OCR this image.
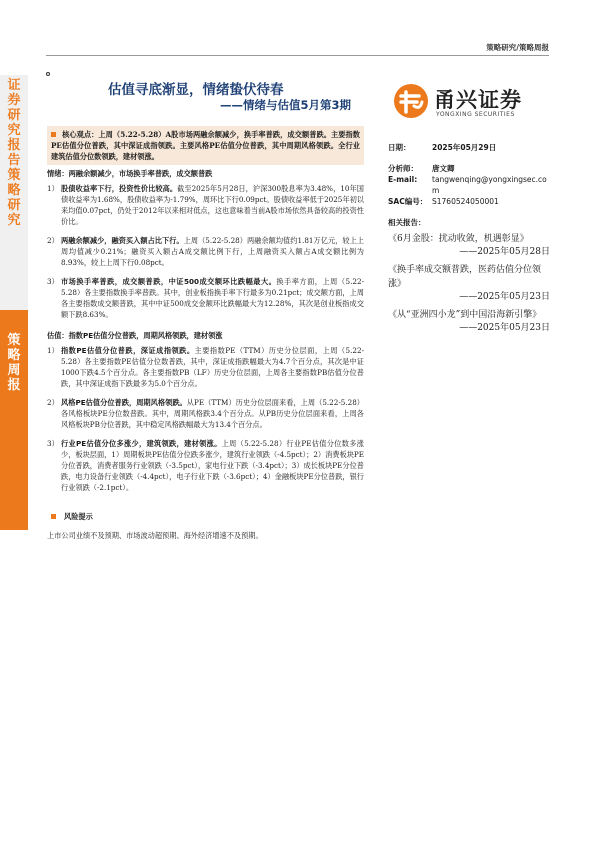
策略研究/策略周报
证券研究报告 策略研究
策略周报
估值寻底渐显，情绪蛰伏待春
——情绪与估值5月第3期	甬兴证券
YONGXING SECURITIES
核心观点：上周（5.22-5.28）A股市场两融余额减少，换手率普跌，成交额普跌。主要指数PE估值分位普跌，其中深证成指领跌。主要风格PE估值分位普跌，其中周期风格领跌。全行业建筑估值分位数领跌，建材领涨。
情绪：两融余额减少，市场换手率普跌，成交额普跌
1） 股债收益率下行，投资性价比较高。截至2025年5月28日，沪深300股息率为3.48%，10年国债收益率为1.68%，股债收益率为-1.79%，周环比下行0.09pct。股债收益率低于2025年初以来均值0.07pct，仍处于2012年以来相对低点，这也意味着当前A股市场依然具备较高的投资性价比。
2） 两融余额减少，融资买入额占比下行。上周（5.22-5.28）两融余额均值约1.81万亿元，较上上周均值减少0.21%；融资买入额占A成交额比例下行，上周融资买入额占A成交额比例为8.93%，较上上周下行0.08pct。
3） 市场换手率普跌，成交额普跌，中证500成交额环比跌幅最大。换手率方面，上周（5.22-5.28）各主要指数换手率普跌。其中，创业板指换手率下行最多为0.21pct；成交额方面，上周各主要指数成交额普跌，其中中证500成交金额环比跌幅最大为12.28%，其次是创业板指成交额下跌8.63%。
估值：指数PE估值分位普跌，周期风格领跌，建材领涨
1） 指数PE估值分位普跌，深证成指领跌。主要指数PE（TTM）历史分位层面，上周（5.22-5.28）各主要指数PE估值分位数普跌，其中，深证成指跌幅最大为4.7个百分点，其次是中证1000下跌4.5个百分点。各主要指数PB（LF）历史分位层面，上周各主要指数PB估值分位普跌，其中深证成指下跌最多为5.0个百分点。
2） 风格PE估值分位普跌，周期风格领跌。从PE（TTM）历史分位层面来看，上周（5.22-5.28）各风格板块PE分位数普跌。其中，周期风格跌3.4个百分点。从PB历史分位层面来看，上周各风格板块PB分位普跌，其中稳定风格跌幅最大为13.4个百分点。
3） 行业PE估值分位多涨少，建筑领跌，建材领涨。上周（5.22-5.28）行业PE估值分位数多涨少，板块层面，1）周期板块PE估值分位跌多涨少，建筑行业领跌（-4.5pct）；2）消费板块PE分位普跌，消费者服务行业领跌（-3.5pct），家电行业下跌（-3.4pct）；3）成长板块PE分位普跌，电力设备行业领跌（-4.4pct），电子行业下跌（-3.6pct）；4）金融板块PE分位普跌，银行行业领跌（-2.1pct）。
风险提示
上市公司业绩不及预期、市场波动超预期、海外经济增速不及预期。
日期：	2025年05月29日
分析师：	唐文卿
E-mail:	tangwenqing@yongxingsec.com
SAC编号： S1760524050001
相关报告：
《6月金股：扰动收敛，机遇彰显》
——2025年05月28日
《换手率成交额普跌，医药估值分位领涨》
——2025年05月23日
《从“亚洲四小龙”到中国沿海新引擎》
——2025年05月23日
